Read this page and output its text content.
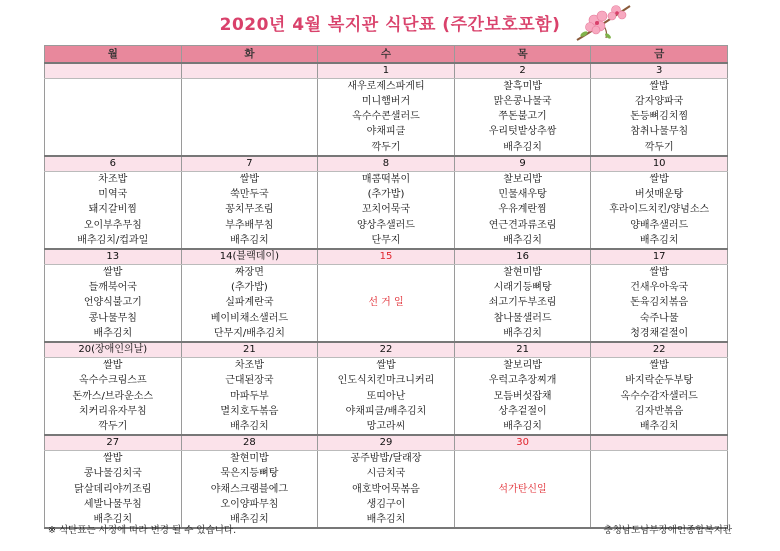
2020년 4월 복지관 식단표 (주간보호포함)
월	화	수	목	금
		1	2	3
		새우로제스파게티	찰흑미밥	쌀밥
		미니햄버거	맑은콩나물국	감자양파국
		옥수수콘샐러드	쭈돈불고기	돈등뼈김치찜
		야채피클	우리텃밭상추쌈	참취나물무침
		깍두기	배추김치	깍두기
6	7	8	9	10
차조밥	쌀밥	매콤떡볶이	찰보리밥	쌀밥
미역국	쑥만두국	(추가밥)	민물새우탕	버섯매운탕
돼지갈비찜	꽁치무조림	꼬치어묵국	우유계란찜	후라이드치킨/양념소스
오이부추무침	부추배무침	양상추샐러드	연근견과류조림	양배추샐러드
배추김치/컵과일	배추김치	단무지	배추김치	배추김치
13	14(블랙데이)	15	16	17
쌀밥	짜장면		찰현미밥	쌀밥
들깨북어국	(추가밥)		시래기등뼈탕	건새우아욱국
언양식불고기	실파계란국	선 거 일	쇠고기두부조림	돈육김치볶음
콩나물무침	베이비채소샐러드		참나물샐러드	숙주나물
배추김치	단무지/배추김치		배추김치	청경채겉절이
20(장애인의날)	21	22	21	22
쌀밥	차조밥	쌀밥	찰보리밥	쌀밥
옥수수크림스프	근대된장국	인도식치킨마크니커리	우럭고추장찌개	바지락순두부탕
돈까스/브라운소스	마파두부	또띠아난	모듬버섯잡채	옥수수감자샐러드
치커리유자무침	멸치호두볶음	야채피클/배추김치	상추겉절이	김자반볶음
깍두기	배추김치	망고라씨	배추김치	배추김치
27	28	29	30	
쌀밥	찰현미밥	공주밤밥/달래장		
콩나물김치국	묵은지등뼈탕	시금치국		
닭살데리야끼조림	야채스크램블에그	애호박어묵볶음	석가탄신일	
세발나물무침	오이양파무침	생김구이		
배추김치	배추김치	배추김치		
※ 식단표는 사정에 따라 변경 될 수 있습니다.	충청남도남부장애인종합복지관
